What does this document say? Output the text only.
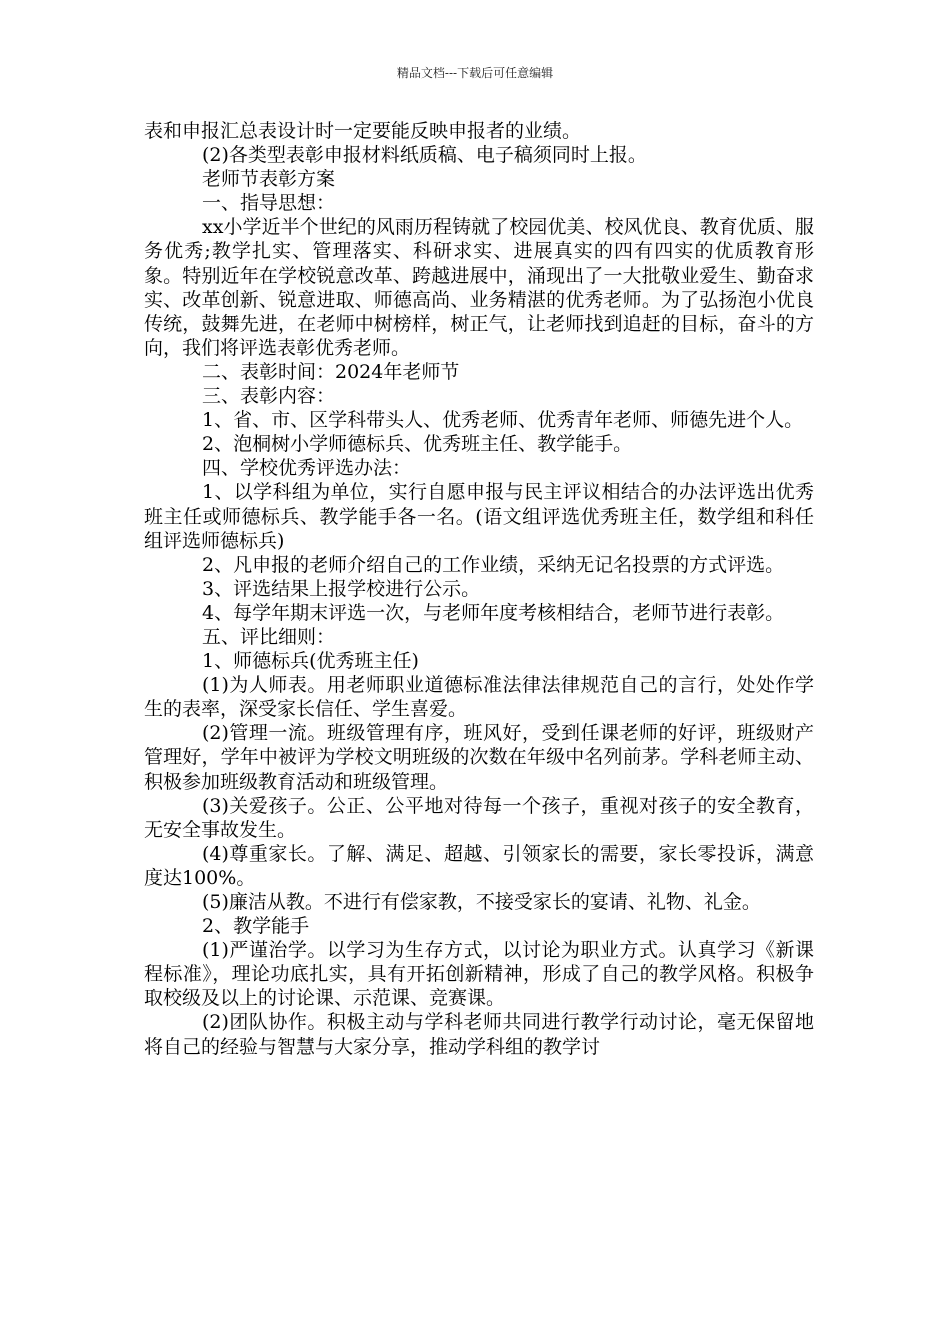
精品文档---下载后可任意编辑

表和申报汇总表设计时一定要能反映申报者的业绩。

(2)各类型表彰申报材料纸质稿、电子稿须同时上报。

老师节表彰方案

一、指导思想：

xx小学近半个世纪的风雨历程铸就了校园优美、校风优良、教育优质、服务优秀;教学扎实、管理落实、科研求实、进展真实的四有四实的优质教育形象。特别近年在学校锐意改革、跨越进展中，涌现出了一大批敬业爱生、勤奋求实、改革创新、锐意进取、师德高尚、业务精湛的优秀老师。为了弘扬泡小优良传统，鼓舞先进，在老师中树榜样，树正气，让老师找到追赶的目标，奋斗的方向，我们将评选表彰优秀老师。

二、表彰时间：2024年老师节

三、表彰内容：

1、省、市、区学科带头人、优秀老师、优秀青年老师、师德先进个人。

2、泡桐树小学师德标兵、优秀班主任、教学能手。

四、学校优秀评选办法：

1、以学科组为单位，实行自愿申报与民主评议相结合的办法评选出优秀班主任或师德标兵、教学能手各一名。(语文组评选优秀班主任，数学组和科任组评选师德标兵)

2、凡申报的老师介绍自己的工作业绩，采纳无记名投票的方式评选。

3、评选结果上报学校进行公示。

4、每学年期末评选一次，与老师年度考核相结合，老师节进行表彰。

五、评比细则：

1、师德标兵(优秀班主任)

(1)为人师表。用老师职业道德标准法律法律规范自己的言行，处处作学生的表率，深受家长信任、学生喜爱。

(2)管理一流。班级管理有序，班风好，受到任课老师的好评，班级财产管理好，学年中被评为学校文明班级的次数在年级中名列前茅。学科老师主动、积极参加班级教育活动和班级管理。

(3)关爱孩子。公正、公平地对待每一个孩子，重视对孩子的安全教育，无安全事故发生。

(4)尊重家长。了解、满足、超越、引领家长的需要，家长零投诉，满意度达100%。

(5)廉洁从教。不进行有偿家教，不接受家长的宴请、礼物、礼金。

2、教学能手

(1)严谨治学。以学习为生存方式，以讨论为职业方式。认真学习《新课程标准》，理论功底扎实，具有开拓创新精神，形成了自己的教学风格。积极争取校级及以上的讨论课、示范课、竞赛课。

(2)团队协作。积极主动与学科老师共同进行教学行动讨论，毫无保留地将自己的经验与智慧与大家分享，推动学科组的教学讨
